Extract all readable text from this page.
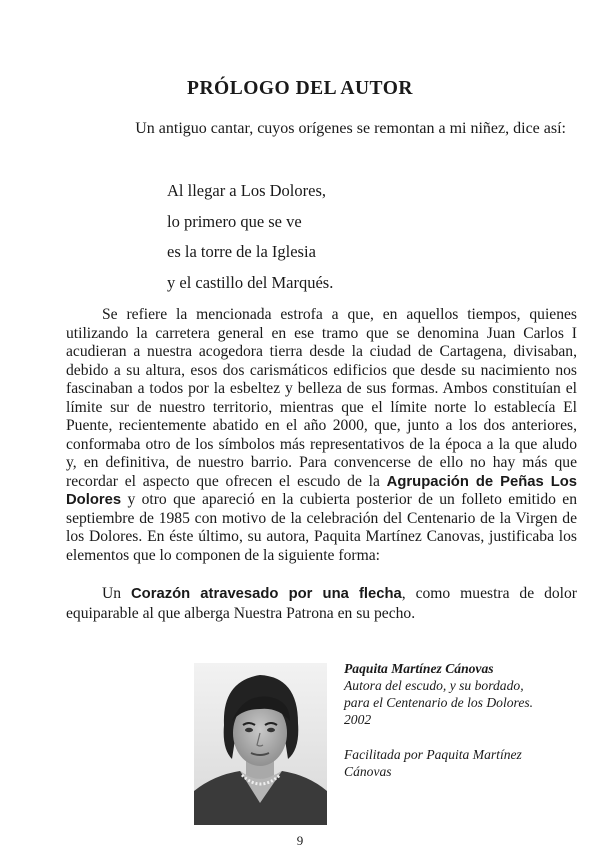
PRÓLOGO DEL AUTOR

Un antiguo cantar, cuyos orígenes se remontan a mi niñez, dice así:

Al llegar a Los Dolores,
lo primero que se ve
es la torre de la Iglesia
y el castillo del Marqués.

Se refiere la mencionada estrofa a que, en aquellos tiempos, quienes utilizando la carretera general en ese tramo que se denomina Juan Carlos I acudieran a nuestra acogedora tierra desde la ciudad de Cartagena, divisaban, debido a su altura, esos dos carismáticos edificios que desde su nacimiento nos fascinaban a todos por la esbeltez y belleza de sus formas. Ambos constituían el límite sur de nuestro territorio, mientras que el límite norte lo establecía El Puente, recientemente abatido en el año 2000, que, junto a los dos anteriores, conformaba otro de los símbolos más representativos de la época a la que aludo y, en definitiva, de nuestro barrio. Para convencerse de ello no hay más que recordar el aspecto que ofrecen el escudo de la Agrupación de Peñas Los Dolores y otro que apareció en la cubierta posterior de un folleto emitido en septiembre de 1985 con motivo de la celebración del Centenario de la Virgen de los Dolores. En éste último, su autora, Paquita Martínez Canovas, justificaba los elementos que lo componen de la siguiente forma:

Un Corazón atravesado por una flecha, como muestra de dolor equiparable al que alberga Nuestra Patrona en su pecho.

Paquita Martínez Cánovas
Autora del escudo, y su bordado,
para el Centenario de los Dolores.
2002
Facilitada por Paquita Martínez Cánovas

9
